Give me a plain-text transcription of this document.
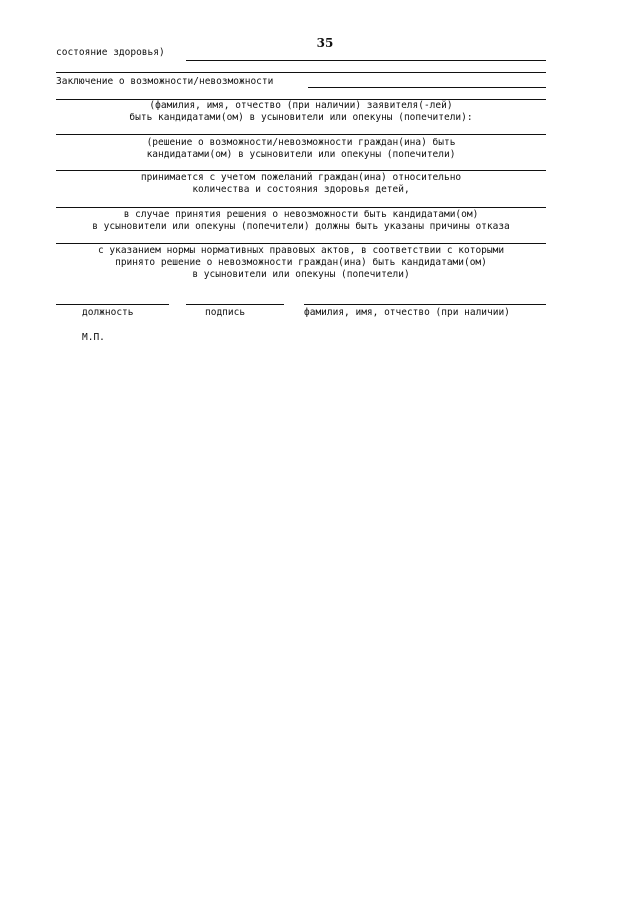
35
состояние здоровья)
Заключение о возможности/невозможности
(фамилия, имя, отчество (при наличии) заявителя(-лей)
быть кандидатами(ом) в усыновители или опекуны (попечители):
(решение о возможности/невозможности граждан(ина) быть
кандидатами(ом) в усыновители или опекуны (попечители)
принимается с учетом пожеланий граждан(ина) относительно
количества и состояния здоровья детей,
в случае принятия решения о невозможности быть кандидатами(ом)
в усыновители или опекуны (попечители) должны быть указаны причины отказа
с указанием нормы нормативных правовых актов, в соответствии с которыми
принято решение о невозможности граждан(ина) быть кандидатами(ом)
в усыновители или опекуны (попечители)
должность	подпись	фамилия, имя, отчество (при наличии)
М.П.
